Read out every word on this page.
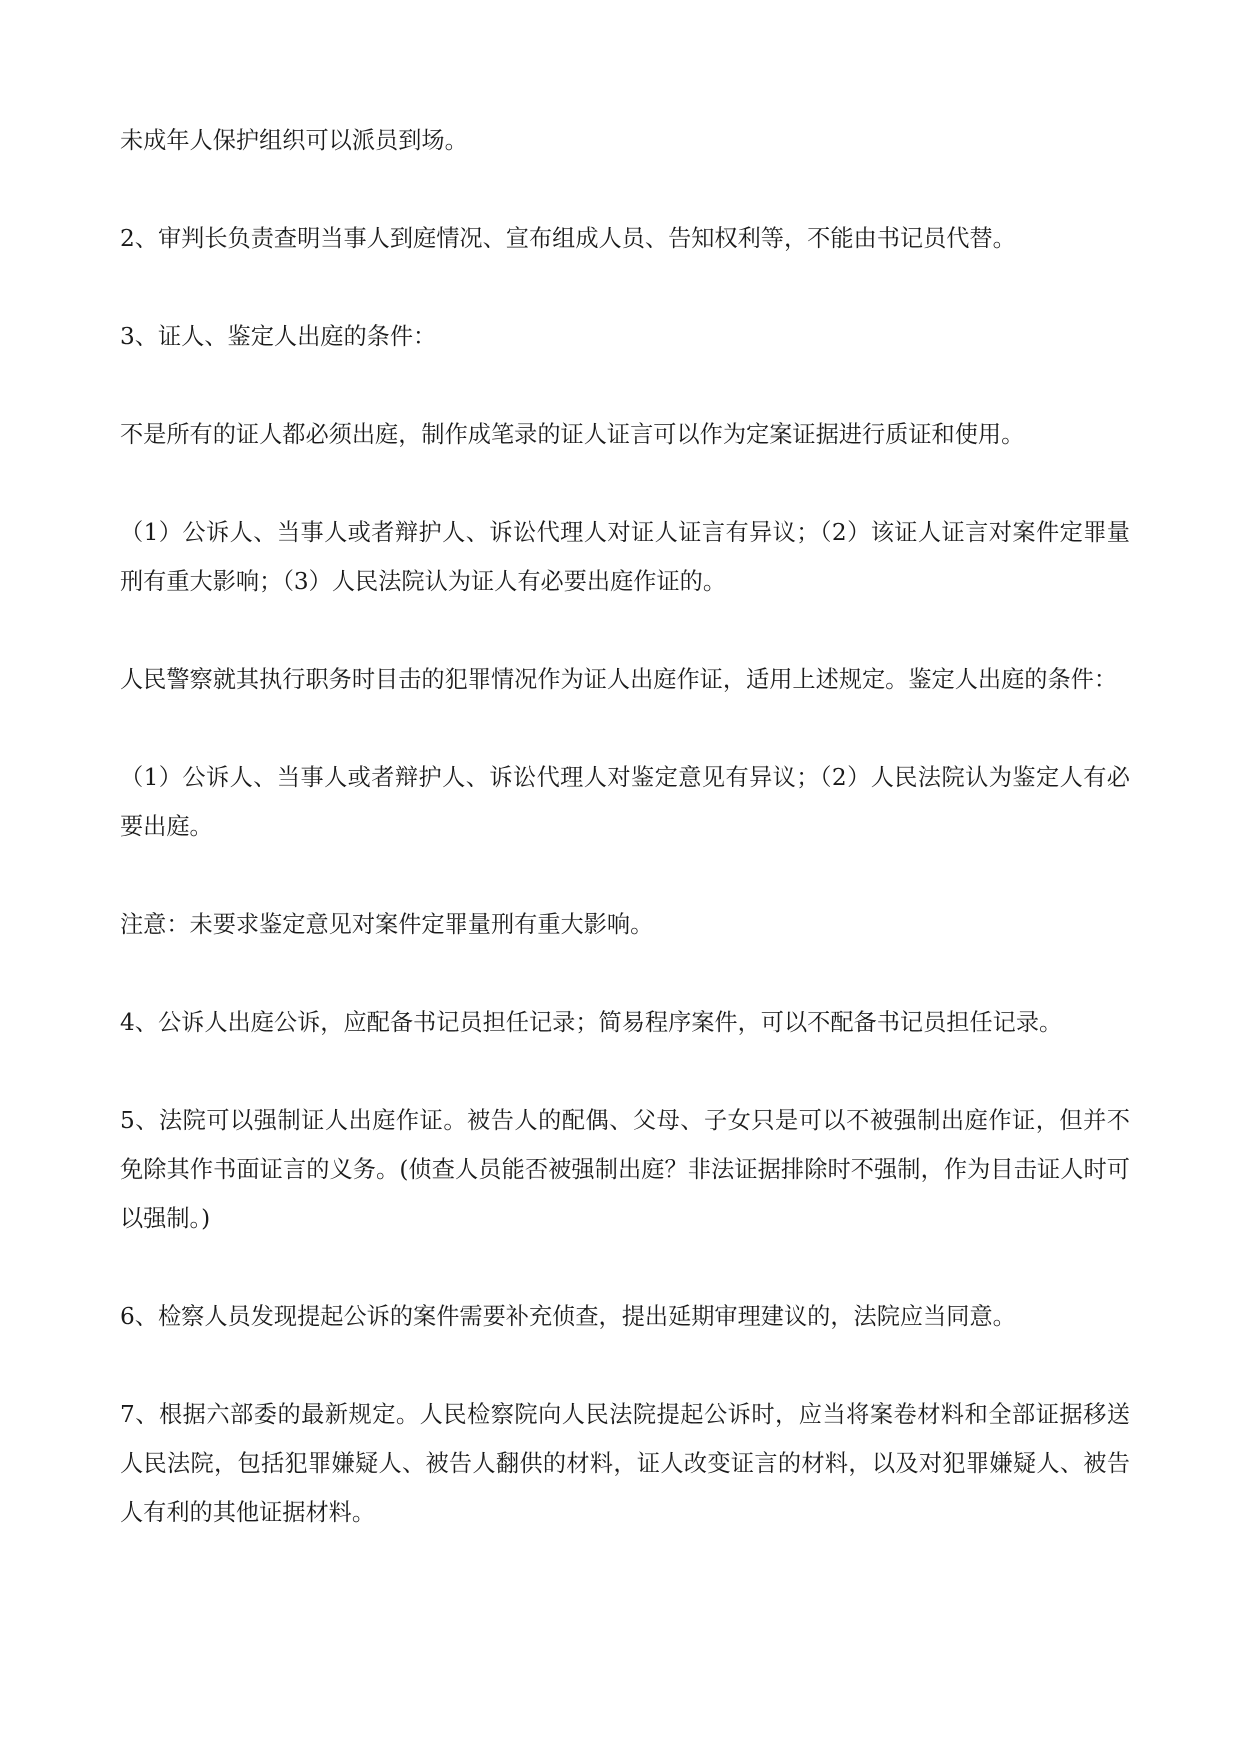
未成年人保护组织可以派员到场。

2、审判长负责查明当事人到庭情况、宣布组成人员、告知权利等，不能由书记员代替。

3、证人、鉴定人出庭的条件：

不是所有的证人都必须出庭，制作成笔录的证人证言可以作为定案证据进行质证和使用。

（1）公诉人、当事人或者辩护人、诉讼代理人对证人证言有异议；（2）该证人证言对案件定罪量刑有重大影响；（3）人民法院认为证人有必要出庭作证的。

人民警察就其执行职务时目击的犯罪情况作为证人出庭作证，适用上述规定。鉴定人出庭的条件：

（1）公诉人、当事人或者辩护人、诉讼代理人对鉴定意见有异议；（2）人民法院认为鉴定人有必要出庭。

注意：未要求鉴定意见对案件定罪量刑有重大影响。

4、公诉人出庭公诉，应配备书记员担任记录；简易程序案件，可以不配备书记员担任记录。

5、法院可以强制证人出庭作证。被告人的配偶、父母、子女只是可以不被强制出庭作证，但并不免除其作书面证言的义务。(侦查人员能否被强制出庭？非法证据排除时不强制，作为目击证人时可以强制。)

6、检察人员发现提起公诉的案件需要补充侦查，提出延期审理建议的，法院应当同意。

7、根据六部委的最新规定。人民检察院向人民法院提起公诉时，应当将案卷材料和全部证据移送人民法院，包括犯罪嫌疑人、被告人翻供的材料，证人改变证言的材料，以及对犯罪嫌疑人、被告人有利的其他证据材料。
